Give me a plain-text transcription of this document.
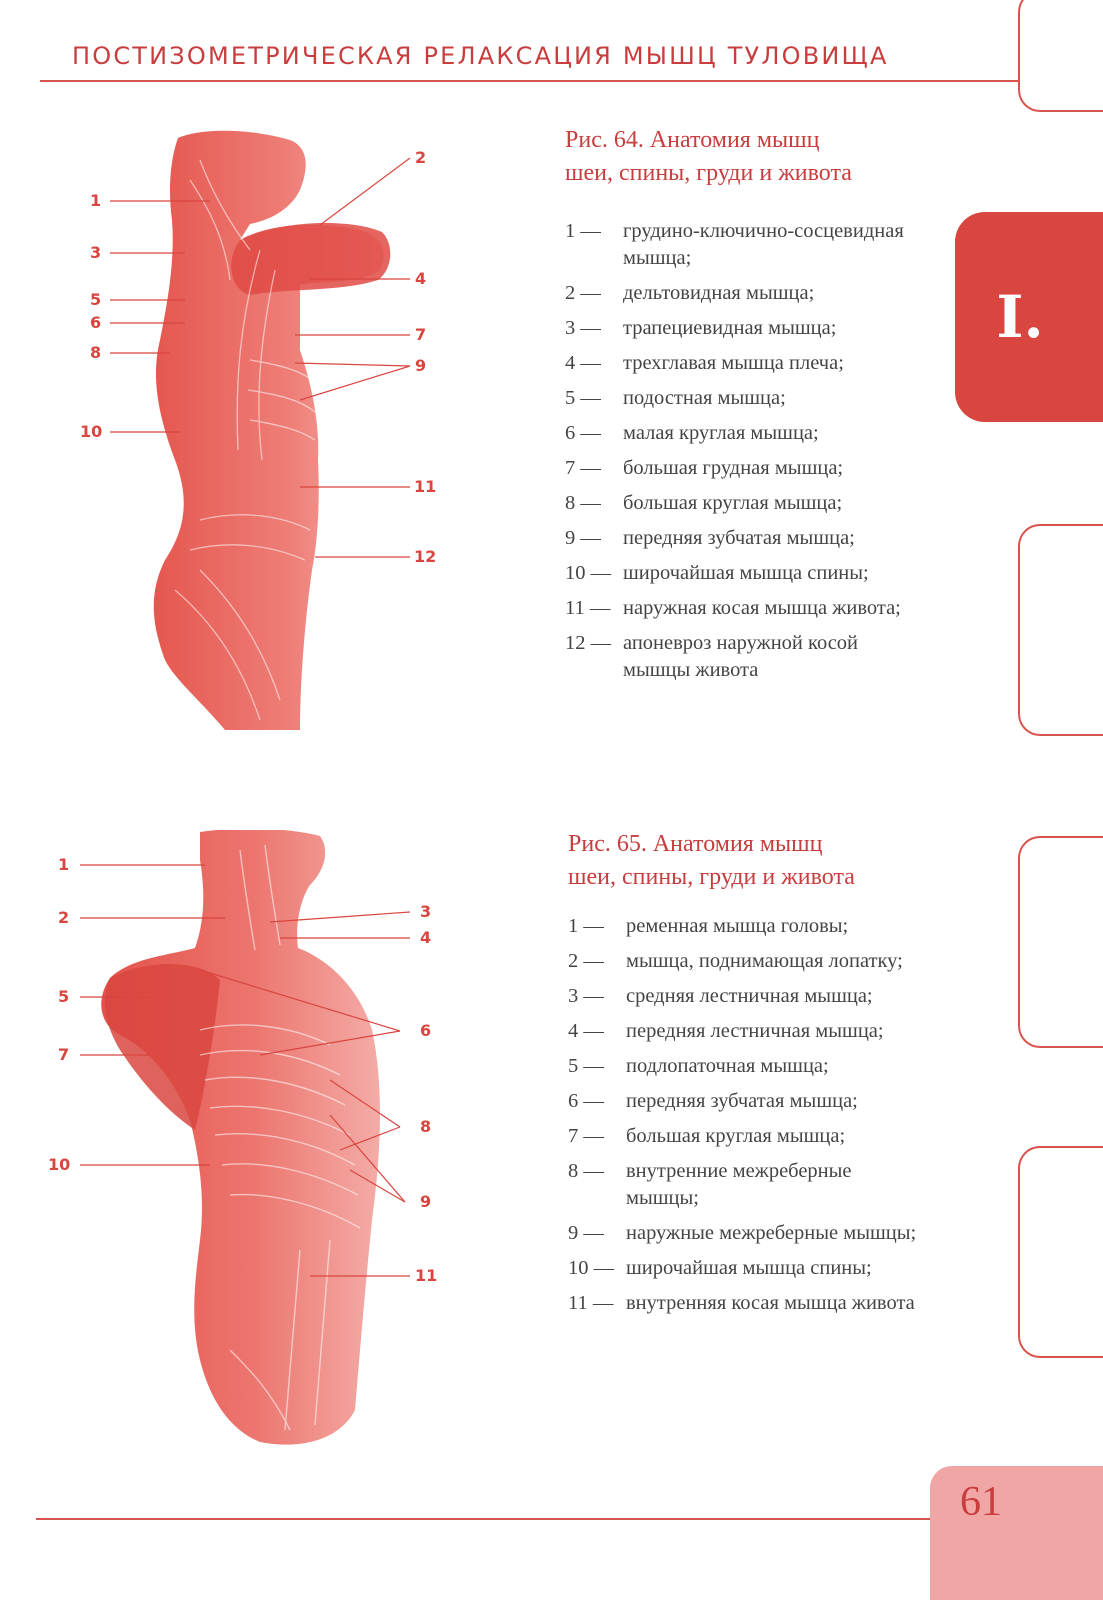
ПОСТИЗОМЕТРИЧЕСКАЯ РЕЛАКСАЦИЯ МЫШЦ ТУЛОВИЩА
I.
1
2
3
4
5
6
7
8
9
10
11
12
Рис. 64. Анатомия мышц
шеи, спины, груди и живота
1 — грудино-ключично-сосцевидная мышца;
2 — дельтовидная мышца;
3 — трапециевидная мышца;
4 — трехглавая мышца плеча;
5 — подостная мышца;
6 — малая круглая мышца;
7 — большая грудная мышца;
8 — большая круглая мышца;
9 — передняя зубчатая мышца;
10 — широчайшая мышца спины;
11 — наружная косая мышца живота;
12 — апоневроз наружной косой мышцы живота
1
2	3
4
5
6
7
8
9
10
11
Рис. 65. Анатомия мышц
шеи, спины, груди и живота
1 — ременная мышца головы;
2 — мышца, поднимающая лопатку;
3 — средняя лестничная мышца;
4 — передняя лестничная мышца;
5 — подлопаточная мышца;
6 — передняя зубчатая мышца;
7 — большая круглая мышца;
8 — внутренние межреберные мышцы;
9 — наружные межреберные мышцы;
10 — широчайшая мышца спины;
11 — внутренняя косая мышца живота
61
